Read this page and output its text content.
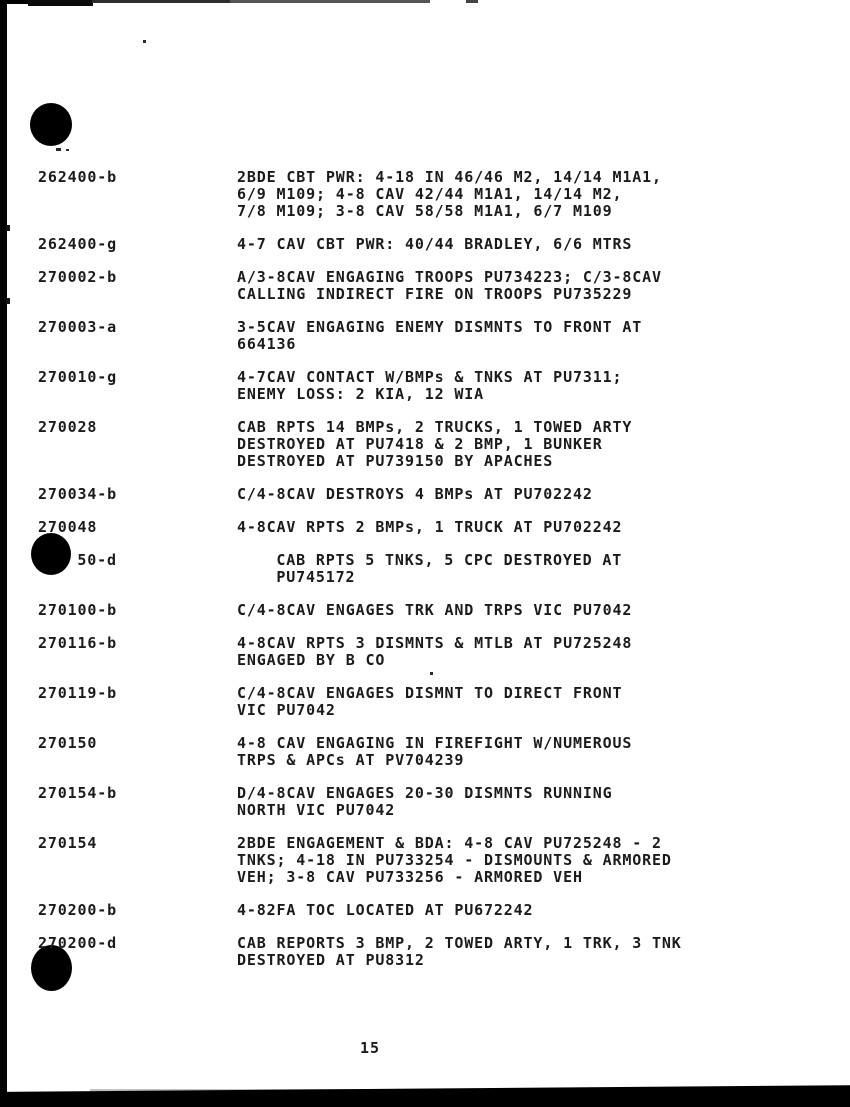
262400-b	2BDE CBT PWR: 4-18 IN 46/46 M2, 14/14 M1A1,
6/9 M109; 4-8 CAV 42/44 M1A1, 14/14 M2,
7/8 M109; 3-8 CAV 58/58 M1A1, 6/7 M109
262400-g	4-7 CAV CBT PWR: 40/44 BRADLEY, 6/6 MTRS
270002-b	A/3-8CAV ENGAGING TROOPS PU734223; C/3-8CAV
CALLING INDIRECT FIRE ON TROOPS PU735229
270003-a	3-5CAV ENGAGING ENEMY DISMNTS TO FRONT AT
664136
270010-g	4-7CAV CONTACT W/BMPs & TNKS AT PU7311;
ENEMY LOSS: 2 KIA, 12 WIA
270028	CAB RPTS 14 BMPs, 2 TRUCKS, 1 TOWED ARTY
DESTROYED AT PU7418 & 2 BMP, 1 BUNKER
DESTROYED AT PU739150 BY APACHES
270034-b	C/4-8CAV DESTROYS 4 BMPs AT PU702242
270048	4-8CAV RPTS 2 BMPs, 1 TRUCK AT PU702242
50-d	CAB RPTS 5 TNKS, 5 CPC DESTROYED AT
PU745172
270100-b	C/4-8CAV ENGAGES TRK AND TRPS VIC PU7042
270116-b	4-8CAV RPTS 3 DISMNTS & MTLB AT PU725248
ENGAGED BY B CO
270119-b	C/4-8CAV ENGAGES DISMNT TO DIRECT FRONT
VIC PU7042
270150	4-8 CAV ENGAGING IN FIREFIGHT W/NUMEROUS
TRPS & APCs AT PV704239
270154-b	D/4-8CAV ENGAGES 20-30 DISMNTS RUNNING
NORTH VIC PU7042
270154	2BDE ENGAGEMENT & BDA: 4-8 CAV PU725248 - 2
TNKS; 4-18 IN PU733254 - DISMOUNTS & ARMORED
VEH; 3-8 CAV PU733256 - ARMORED VEH
270200-b	4-82FA TOC LOCATED AT PU672242
270200-d	CAB REPORTS 3 BMP, 2 TOWED ARTY, 1 TRK, 3 TNK
DESTROYED AT PU8312
15
